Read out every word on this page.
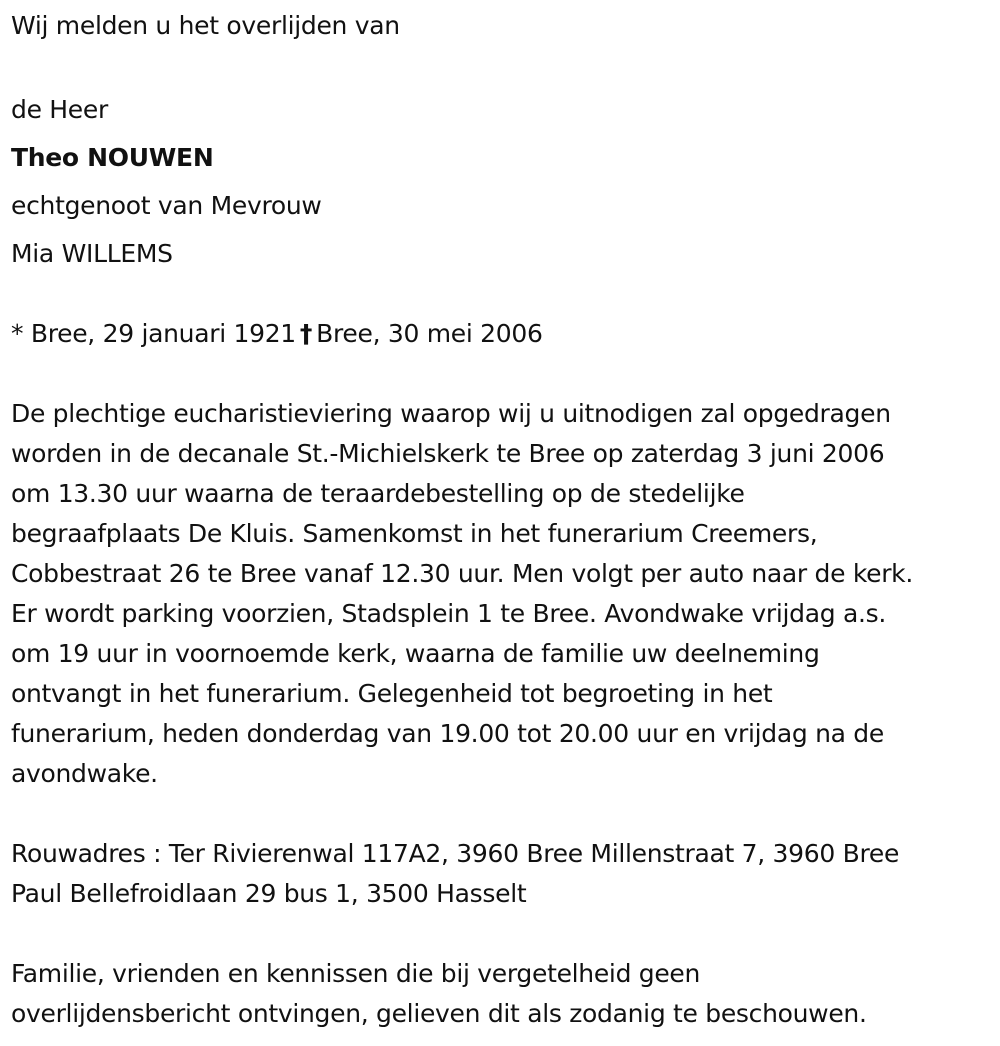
Wij melden u het overlijden van
de Heer
Theo NOUWEN
echtgenoot van Mevrouw
Mia WILLEMS
* Bree, 29 januari 1921 † Bree, 30 mei 2006
De plechtige eucharistieviering waarop wij u uitnodigen zal opgedragen
worden in de decanale St.-Michielskerk te Bree op zaterdag 3 juni 2006
om 13.30 uur waarna de teraardebestelling op de stedelijke
begraafplaats De Kluis. Samenkomst in het funerarium Creemers,
Cobbestraat 26 te Bree vanaf 12.30 uur. Men volgt per auto naar de kerk.
Er wordt parking voorzien, Stadsplein 1 te Bree. Avondwake vrijdag a.s.
om 19 uur in voornoemde kerk, waarna de familie uw deelneming
ontvangt in het funerarium. Gelegenheid tot begroeting in het
funerarium, heden donderdag van 19.00 tot 20.00 uur en vrijdag na de
avondwake.
Rouwadres : Ter Rivierenwal 117A2, 3960 Bree Millenstraat 7, 3960 Bree
Paul Bellefroidlaan 29 bus 1, 3500 Hasselt
Familie, vrienden en kennissen die bij vergetelheid geen
overlijdensbericht ontvingen, gelieven dit als zodanig te beschouwen.
